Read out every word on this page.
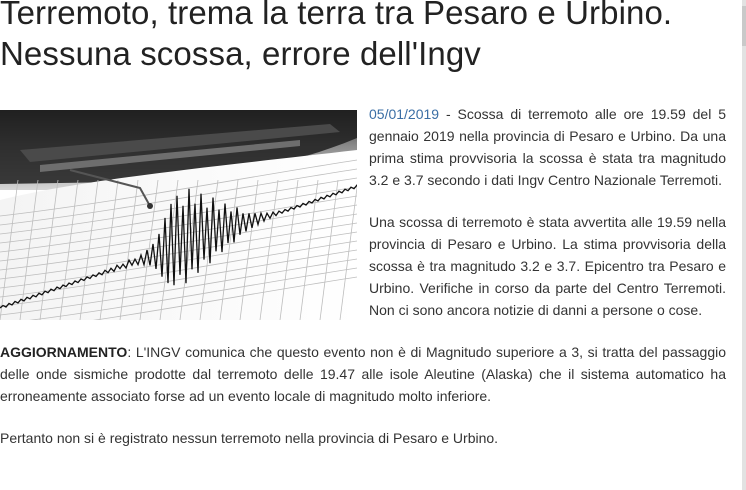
Terremoto, trema la terra tra Pesaro e Urbino. Nessuna scossa, errore dell'Ingv

05/01/2019 - Scossa di terremoto alle ore 19.59 del 5 gennaio 2019 nella provincia di Pesaro e Urbino. Da una prima stima provvisoria la scossa è stata tra magnitudo 3.2 e 3.7 secondo i dati Ingv Centro Nazionale Terremoti.

Una scossa di terremoto è stata avvertita alle 19.59 nella provincia di Pesaro e Urbino. La stima provvisoria della scossa è tra magnitudo 3.2 e 3.7. Epicentro tra Pesaro e Urbino. Verifiche in corso da parte del Centro Terremoti. Non ci sono ancora notizie di danni a persone o cose.

AGGIORNAMENTO: L'INGV comunica che questo evento non è di Magnitudo superiore a 3, si tratta del passaggio delle onde sismiche prodotte dal terremoto delle 19.47 alle isole Aleutine (Alaska) che il sistema automatico ha erroneamente associato forse ad un evento locale di magnitudo molto inferiore.

Pertanto non si è registrato nessun terremoto nella provincia di Pesaro e Urbino.
